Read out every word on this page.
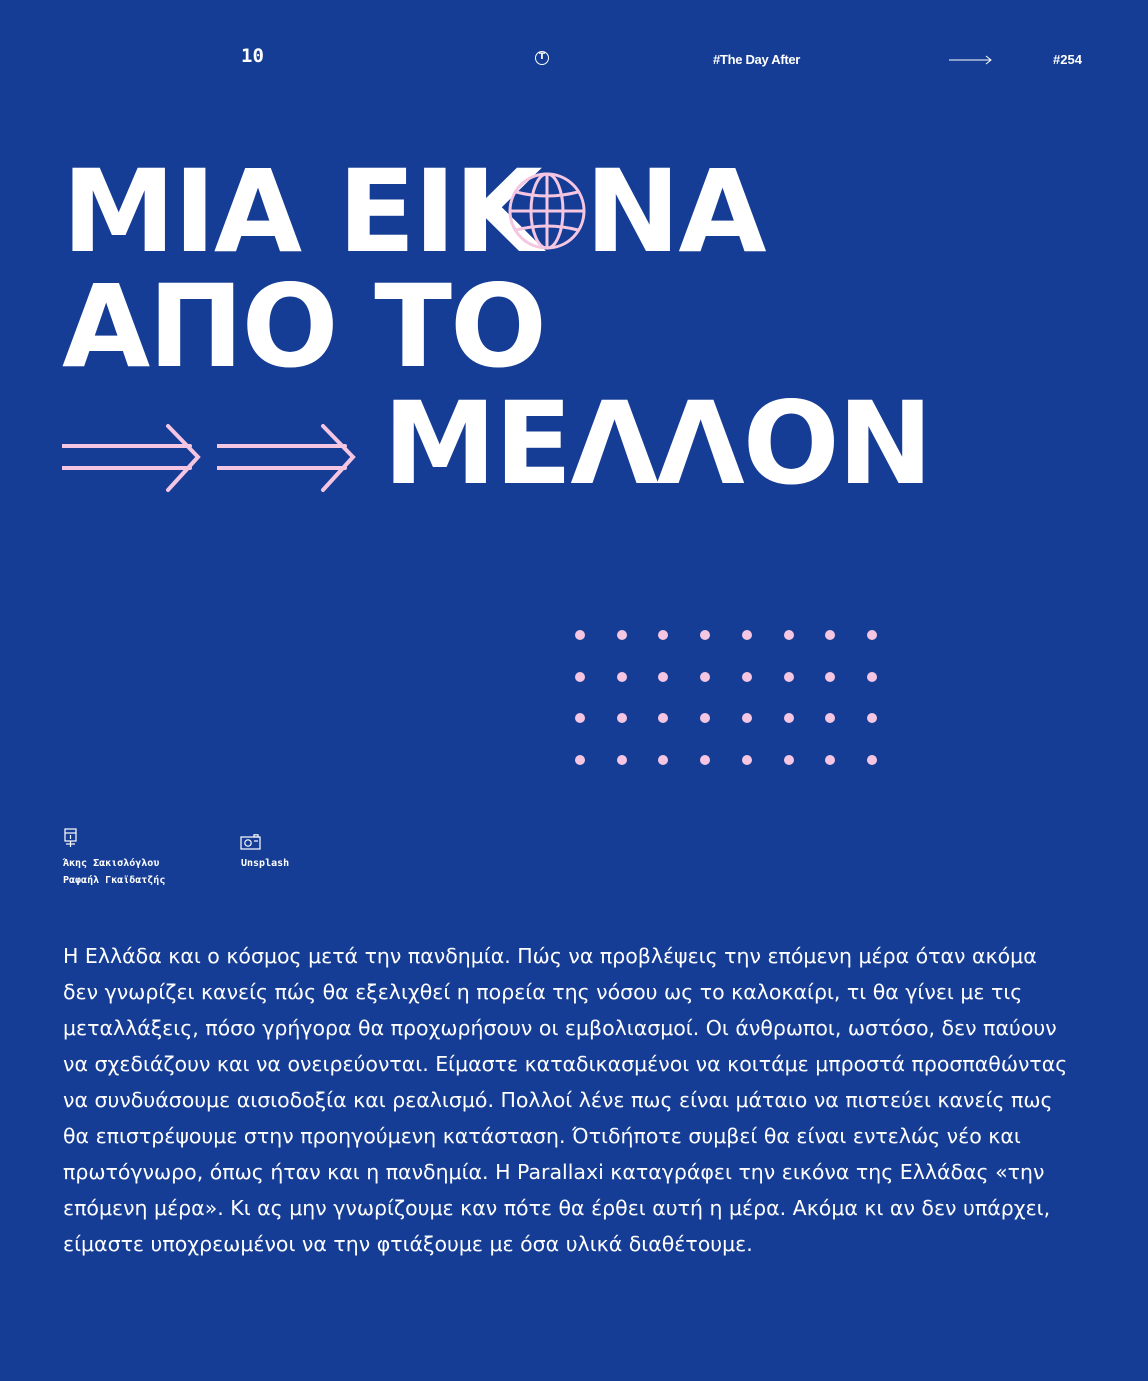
10	T	#The Day After	#254
ΜΙΑ ΕΙΚ ΝΑ
ΑΠΟ ΤΟ
ΜΕΛΛΟΝ
Άκης Σακισλόγλου
Ραφαήλ Γκαϊδατζής
Unsplash

Η Ελλάδα και ο κόσμος μετά την πανδημία. Πώς να προβλέψεις την επόμενη μέρα όταν ακόμα δεν γνωρίζει κανείς πώς θα εξελιχθεί η πορεία της νόσου ως το καλοκαίρι, τι θα γίνει με τις μεταλλάξεις, πόσο γρήγορα θα προχωρήσουν οι εμβολιασμοί. Οι άνθρωποι, ωστόσο, δεν παύουν να σχεδιάζουν και να ονειρεύονται. Είμαστε καταδικασμένοι να κοιτάμε μπροστά προσπαθώντας να συνδυάσουμε αισιοδοξία και ρεαλισμό. Πολλοί λένε πως είναι μάταιο να πιστεύει κανείς πως θα επιστρέψουμε στην προηγούμενη κατάσταση. Ότιδήποτε συμβεί θα είναι εντελώς νέο και πρωτόγνωρο, όπως ήταν και η πανδημία. Η Parallaxi καταγράφει την εικόνα της Ελλάδας «την επόμενη μέρα». Κι ας μην γνωρίζουμε καν πότε θα έρθει αυτή η μέρα. Ακόμα κι αν δεν υπάρχει, είμαστε υποχρεωμένοι να την φτιάξουμε με όσα υλικά διαθέτουμε.
